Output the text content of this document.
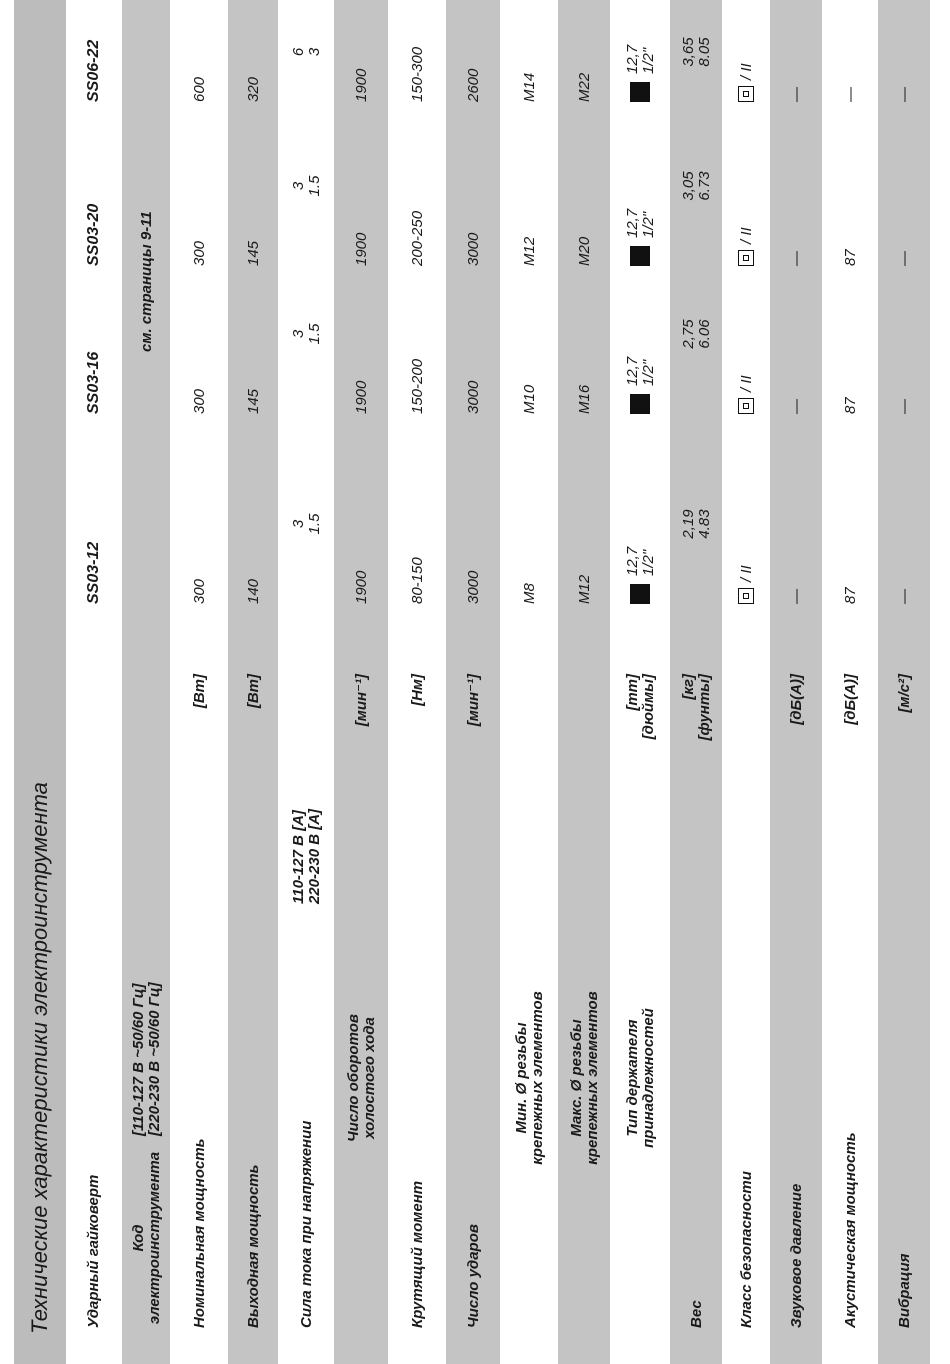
Технические характеристики электроинструмента	Ударный гайковерт
SS03-12
SS03-16
SS03-20
SS06-22
Код электроинструмента
[110-127 В ~50/60 Гц] [220-230 В ~50/60 Гц]
см. страницы 9-11
Номинальная мощность
[Вт]
300
300
300
600
Выходная мощность
[Вт]
140
145
145
320
Сила тока при напряжении
110-127 В [А] 220-230 В [А]
3 1.5
3 1.5
3 1.5
6 3
Число оборотов холостого хода
[мин⁻¹]
1900
1900
1900
1900
Крутящий момент
[Нм]
80-150
150-200
200-250
150-300
Число ударов
[мин⁻¹]
3000
3000
3000
2600
Мин. Ø резьбы крепежных элементов
M8
M10
M12
M14
Макс. Ø резьбы крепежных элементов
M12
M16
M20
M22
Тип держателя принадлежностей
[mm] [дюймы]
12,7 1/2"
12,7 1/2"
12,7 1/2"
12,7 1/2"
Вес
[кг] [фунты]
2,19 4.83
2,75 6.06
3,05 6.73
3,65 8.05
Класс безопасности
/ II
/ II
/ II
/ II
Звуковое давление
[дБ(А)]
—
—
—
—
Акустическая мощность
[дБ(А)]
87
87
87
—
Вибрация
[м/с²]
—
—
—
—
